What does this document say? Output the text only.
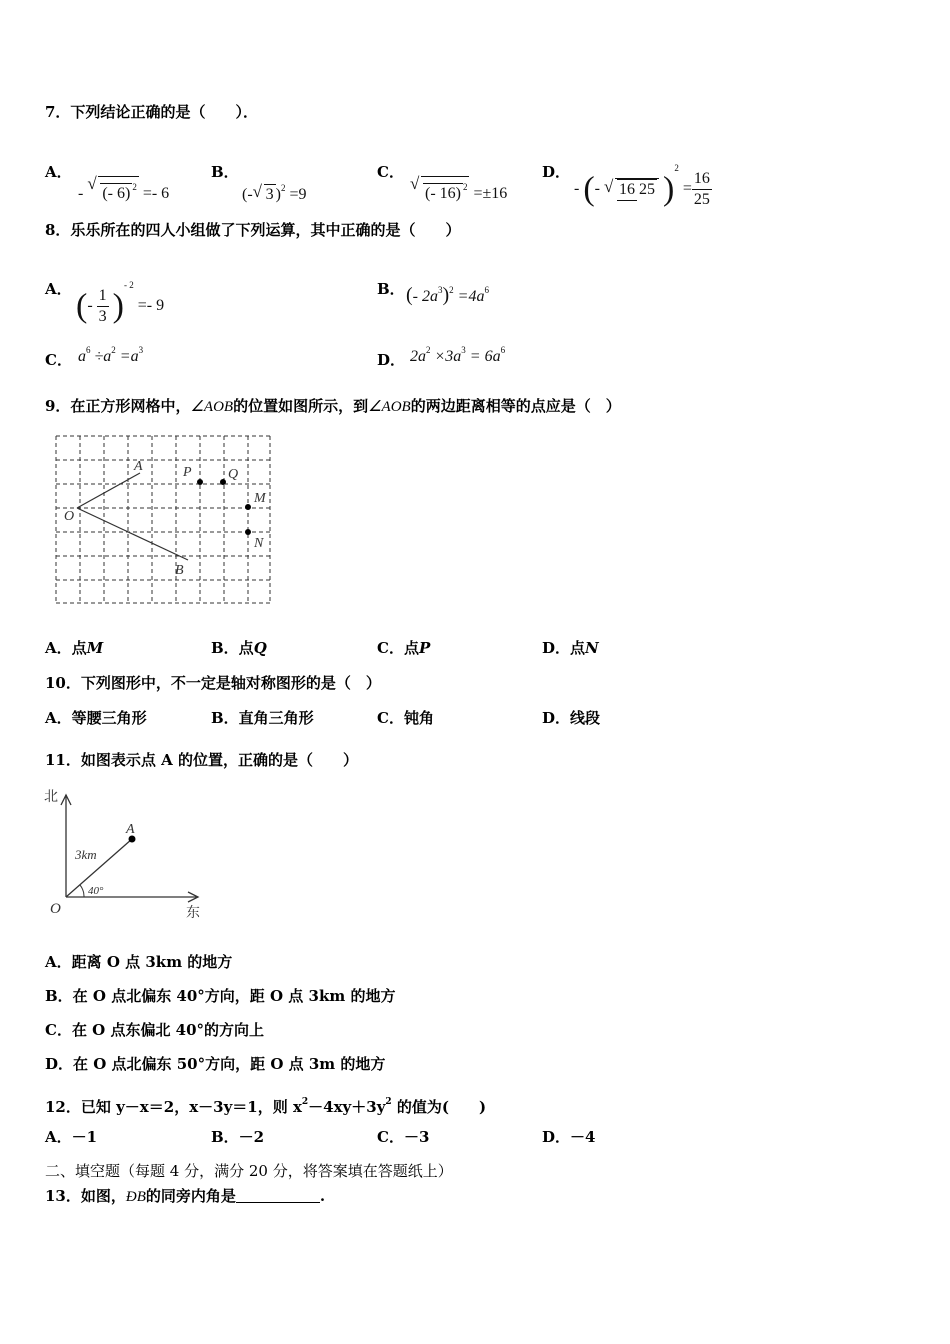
7．下列结论正确的是（　　）．
A．
- √ (- 6) $^2$ =- 6
B．
(- √ 3 )$^2$ =9
C．
√ (- 16) $^2$ =±16
D．
- (- √ 16 25 )$^2 = \frac{16}{25}$
8．乐乐所在的四人小组做了下列运算，其中正确的是（　　）
A． (- $\frac{1}{3} )^{- 2} =- 9$
B． (- $2a^3)^2 =4a^6$
C． $a^6 \div a^2 =a^3$
D． $2a^2 \times 3a^3 = 6a^6$
9．在正方形网格中，∠AOB的位置如图所示，到∠AOB的两边距离相等的点应是（　）
A
O
B
P	Q
M
N
A．点M	B．点Q	C．点P	D．点N
10．下列图形中，不一定是轴对称图形的是（　）
A．等腰三角形	B．直角三角形	C．钝角	D．线段
11．如图表示点 A 的位置，正确的是（　　）
北
东
O
A
3km
40°
A．距离 O 点 3km 的地方
B．在 O 点北偏东 40°方向，距 O 点 3km 的地方
C．在 O 点东偏北 40°的方向上
D．在 O 点北偏东 50°方向，距 O 点 3m 的地方
12．已知 y－x＝2，x－3y＝1，则 $x^2-4xy+3y^2$ 的值为(　　)
A．－1	B．－2	C．－3	D．－4
二、填空题（每题 4 分，满分 20 分，将答案填在答题纸上）
13．如图，ÐB的同旁内角是	.
